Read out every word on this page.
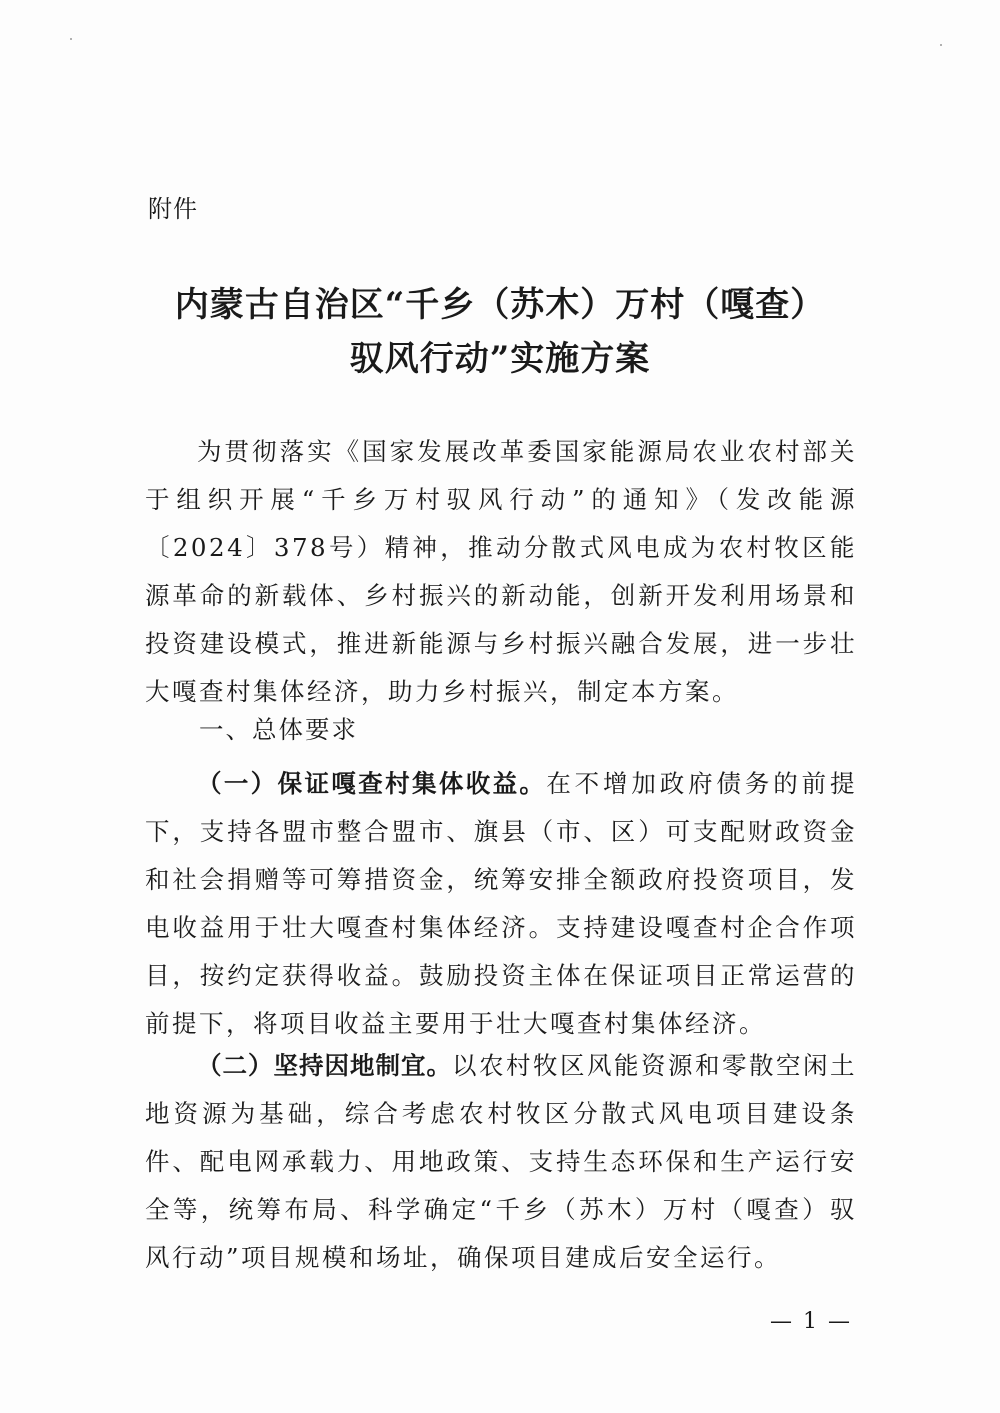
附件
内蒙古自治区“千乡（苏木）万村（嘎查）
驭风行动”实施方案
为贯彻落实《国家发展改革委国家能源局农业农村部关于组织开展“千乡万村驭风行动”的通知》（发改能源〔2024〕378号）精神，推动分散式风电成为农村牧区能源革命的新载体、乡村振兴的新动能，创新开发利用场景和投资建设模式，推进新能源与乡村振兴融合发展，进一步壮大嘎查村集体经济，助力乡村振兴，制定本方案。
一、总体要求
（一）保证嘎查村集体收益。在不增加政府债务的前提下，支持各盟市整合盟市、旗县（市、区）可支配财政资金和社会捐赠等可筹措资金，统筹安排全额政府投资项目，发电收益用于壮大嘎查村集体经济。支持建设嘎查村企合作项目，按约定获得收益。鼓励投资主体在保证项目正常运营的前提下，将项目收益主要用于壮大嘎查村集体经济。
（二）坚持因地制宜。以农村牧区风能资源和零散空闲土地资源为基础，综合考虑农村牧区分散式风电项目建设条件、配电网承载力、用地政策、支持生态环保和生产运行安全等，统筹布局、科学确定“千乡（苏木）万村（嘎查）驭风行动”项目规模和场址，确保项目建成后安全运行。
— 1 —
